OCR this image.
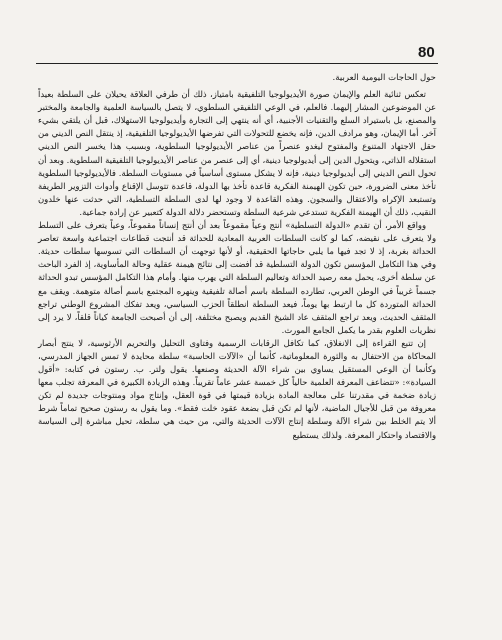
80

حول الحاجات اليومية العربية.

تعكس ثنائية العلم والإيمان صورة الأيديولوجيا التلفيقية بامتياز، ذلك أن طرفي العلاقة يحيلان على السلطة بعيداً عن الموضوعين المشار إليهما. فالعلم، في الوعي التلفيقي السلطوي، لا يتصل بالسياسة العلمية والجامعة والمختبر والمصنع، بل باستيراد السلع والتقنيات الأجنبية، أي أنه ينتهي إلى التجارة وأيديولوجيا الاستهلاك، قبل أن يلتقي بشيء آخر. أما الإيمان، وهو مرادف الدين، فإنه يخضع للتحولات التي تفرضها الأيديولوجيا التلفيقية، إذ ينتقل النص الديني من حقل الاجتهاد المتنوع والمفتوح ليغدو عنصراً من عناصر الأيديولوجيا السلطوية، وبسبب هذا يخسر النص الديني استقلاله الذاتي، ويتحول الدين إلى أيديولوجيا دينية، أي إلى عنصر من عناصر الأيديولوجيا التلفيقية السلطوية. وبعد أن تحول النص الديني إلى أيديولوجيا دينية، فإنه لا يشكل مستوى أساسياً في مستويات السلطة. فالأيديولوجيا السلطوية تأخذ معنى الضرورة، حين تكون الهيمنة الفكرية قاعدة تأخذ بها الدولة، قاعدة تتوسل الإقناع وأدوات التزوير الطريفة وتستبعد الإكراه والاعتقال والسجون. وهذه القاعدة لا وجود لها لدى السلطة التسلطية، التي حدثت عنها خلدون النقيب، ذلك أن الهيمنة الفكرية تستدعي شرعية السلطة وتستحضر دلالة الدولة كتعبير عن إرادة جماعية.

وواقع الأمر، أن تقدم «الدولة التسلطية» أنتج وعياً مقموعاً بعد أن أنتج إنساناً مقموعاً، وعياً يتعرف على التسلط ولا يتعرف على نقيضه، كما لو كانت السلطات العربية المعادية للحداثة قد أنتجت قطاعات اجتماعية واسعة تعاصر الحداثة بغربة، إذ لا تجد فيها ما يلبي حاجاتها الحقيقية، أو لأنها توجهت أن السلطات التي تسوسها سلطات حديثة. وفي هذا التكامل المؤسس تكون الدولة التسلطية قد أفضت إلى نتائج هيمنة عقلية وحالة المأساوية، إذ الفرد الباحث عن سلطة أخرى، يحمل معه رصيد الحداثة وتعاليم السلطة التي يهرب منها. وأمام هذا التكامل المؤسس تبدو الحداثة جسماً غريباً في الوطن العربي، تطارده السلطة باسم أصالة تلفيقية وينهره المجتمع باسم أصالة متوهمة. ويقف مع الحداثة المتوردة كل ما ارتبط بها يوماً، فيعد السلطة انطلقاً الحزب السياسي، ويعد تفكك المشروع الوطني تراجع المثقف الحديث، ويعد تراجع المثقف عاد الشيخ القديم ويصبح مختلفة، إلى أن أصبحت الجامعة كياناً قلقاً، لا يرد إلى نظريات العلوم بقدر ما يكمل الجامع المورث.

إن تتبع القراءة إلى الانغلاق، كما تكافل الرقابات الرسمية وفتاوى التحليل والتحريم الأرثوسية، لا ينتج أبصار المحاكاة من الاحتفال به والثورة المعلوماتية، كأنما أن «الآلات الحاسبة» سلطة محايدة لا تمس الجهاز المدرسي، وكأنما أن الوعي المستقيل يساوي بين شراء الآلة الحديثة وصنعها. يقول ولتر. ب. رستون في كتابه: «أقول السيادة»: «تتضاعف المعرفة العلمية حالياً كل خمسة عشر عاماً تقريباً. وهذه الزيادة الكبيرة في المعرفة تجلب معها زيادة ضخمة في مقدرتنا على معالجة المادة بزيادة قيمتها في قوة العقل، وإنتاج مواد ومنتوجات جديدة لم تكن معروفة من قبل للأجيال الماضية، لأنها لم تكن قبل بضعة عقود خلت فقط». وما يقول به رستون صحيح تماماً شرط ألا يتم الخلط بين شراء الآلة وسلطة إنتاج الآلات الحديثة والتي، من حيث هي سلطة، تحيل مباشرة إلى السياسة والاقتصاد واحتكار المعرفة. ولذلك يستطيع
